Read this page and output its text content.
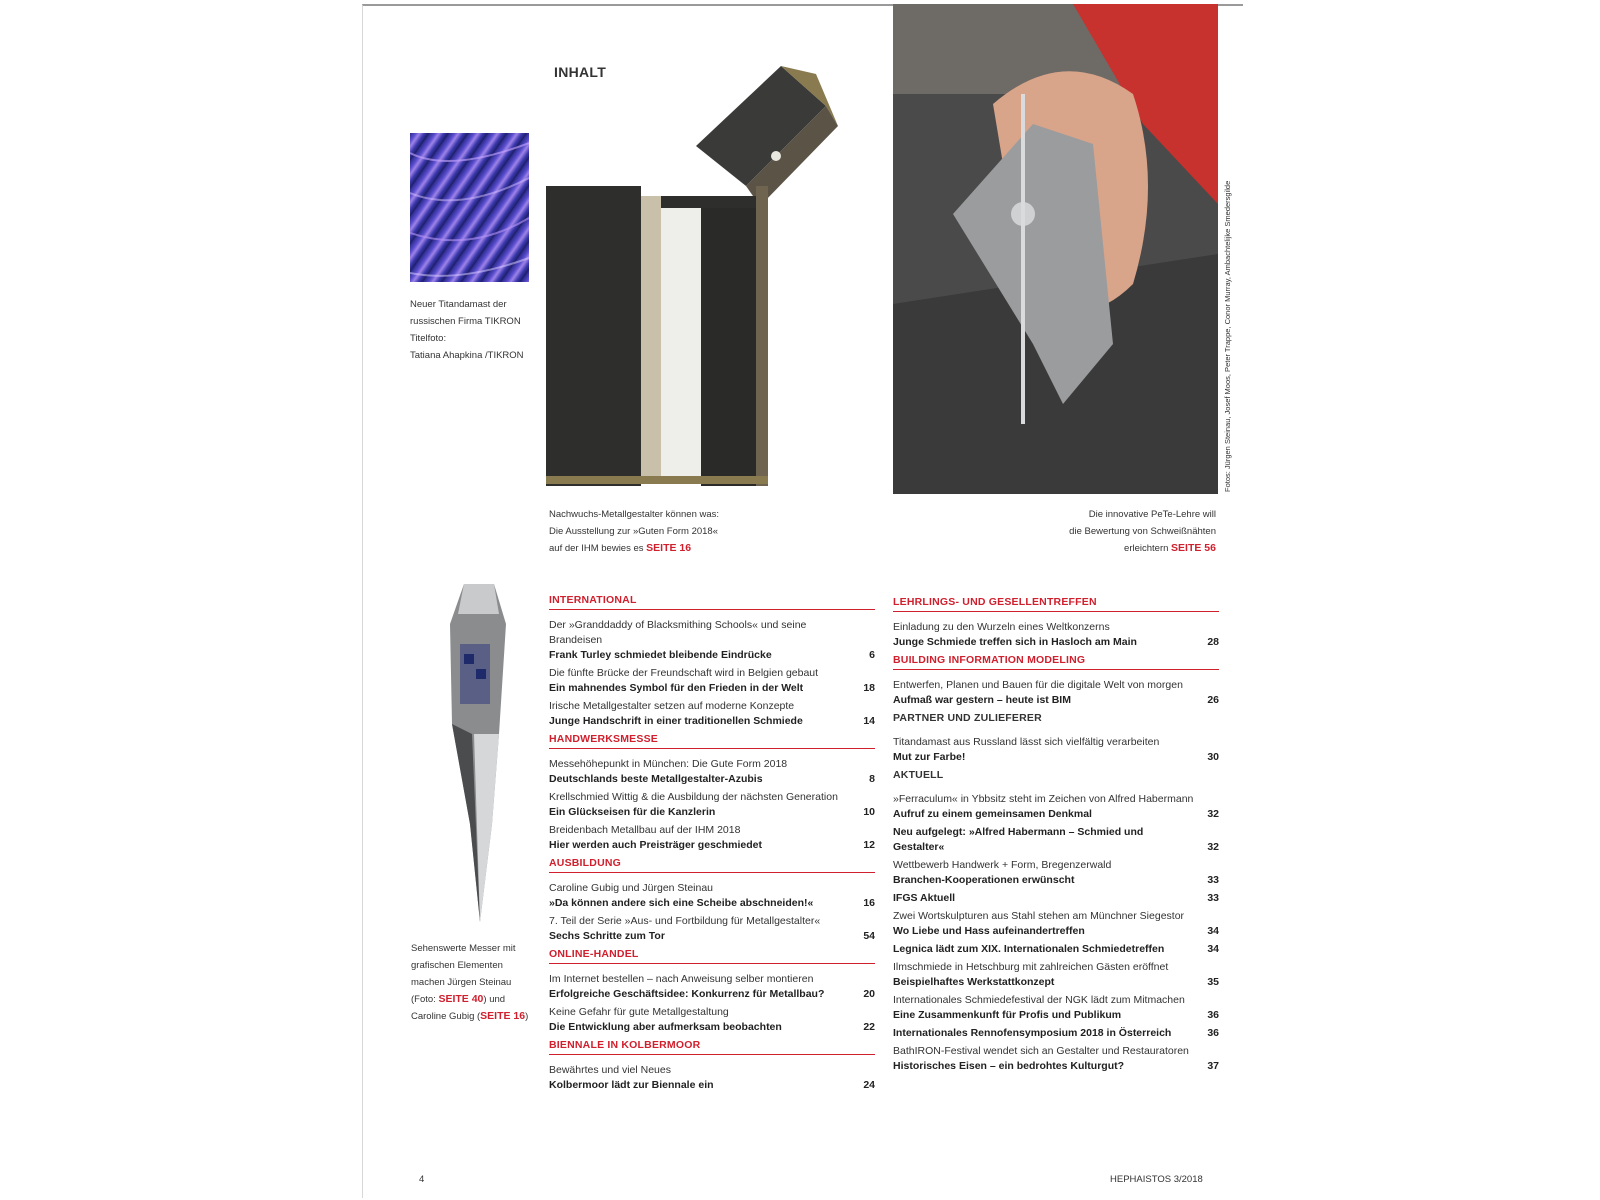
INHALT
Fotos: Jürgen Steinau, Josef Moos, Peter Trappe, Conor Murray, Ambachtelijke Smedersgilde
Neuer Titandamast der
russischen Firma TIKRON
Titelfoto:
Tatiana Ahapkina /TIKRON
Nachwuchs-Metallgestalter können was:
Die Ausstellung zur »Guten Form 2018«
auf der IHM bewies es SEITE 16
Die innovative PeTe-Lehre will
die Bewertung von Schweißnähten
erleichtern SEITE 56
Sehenswerte Messer mit
grafischen Elementen
machen Jürgen Steinau
(Foto: SEITE 40) und
Caroline Gubig (SEITE 16)
INTERNATIONAL
Der »Granddaddy of Blacksmithing Schools« und seine Brandeisen
Frank Turley schmiedet bleibende Eindrücke	6
Die fünfte Brücke der Freundschaft wird in Belgien gebaut
Ein mahnendes Symbol für den Frieden in der Welt	18
Irische Metallgestalter setzen auf moderne Konzepte
Junge Handschrift in einer traditionellen Schmiede	14
HANDWERKSMESSE
Messehöhepunkt in München: Die Gute Form 2018
Deutschlands beste Metallgestalter-Azubis	8
Krellschmied Wittig & die Ausbildung der nächsten Generation
Ein Glückseisen für die Kanzlerin	10
Breidenbach Metallbau auf der IHM 2018
Hier werden auch Preisträger geschmiedet	12
AUSBILDUNG
Caroline Gubig und Jürgen Steinau
»Da können andere sich eine Scheibe abschneiden!«	16
7. Teil der Serie »Aus- und Fortbildung für Metallgestalter«
Sechs Schritte zum Tor	54
ONLINE-HANDEL
Im Internet bestellen – nach Anweisung selber montieren
Erfolgreiche Geschäftsidee: Konkurrenz für Metallbau?	20
Keine Gefahr für gute Metallgestaltung
Die Entwicklung aber aufmerksam beobachten	22
BIENNALE IN KOLBERMOOR
Bewährtes und viel Neues
Kolbermoor lädt zur Biennale ein	24
LEHRLINGS- UND GESELLENTREFFEN
Einladung zu den Wurzeln eines Weltkonzerns
Junge Schmiede treffen sich in Hasloch am Main	28
BUILDING INFORMATION MODELING
Entwerfen, Planen und Bauen für die digitale Welt von morgen
Aufmaß war gestern – heute ist BIM	26
PARTNER UND ZULIEFERER
Titandamast aus Russland lässt sich vielfältig verarbeiten
Mut zur Farbe!	30
AKTUELL
»Ferraculum« in Ybbsitz steht im Zeichen von Alfred Habermann
Aufruf zu einem gemeinsamen Denkmal	32
Neu aufgelegt: »Alfred Habermann – Schmied und Gestalter«	32
Wettbewerb Handwerk + Form, Bregenzerwald
Branchen-Kooperationen erwünscht	33
IFGS Aktuell	33
Zwei Wortskulpturen aus Stahl stehen am Münchner Siegestor
Wo Liebe und Hass aufeinandertreffen	34
Legnica lädt zum XIX. Internationalen Schmiedetreffen	34
Ilmschmiede in Hetschburg mit zahlreichen Gästen eröffnet
Beispielhaftes Werkstattkonzept	35
Internationales Schmiedefestival der NGK lädt zum Mitmachen
Eine Zusammenkunft für Profis und Publikum	36
Internationales Rennofensymposium 2018 in Österreich	36
BathIRON-Festival wendet sich an Gestalter und Restauratoren
Historisches Eisen – ein bedrohtes Kulturgut?	37
4	HEPHAISTOS 3/2018
